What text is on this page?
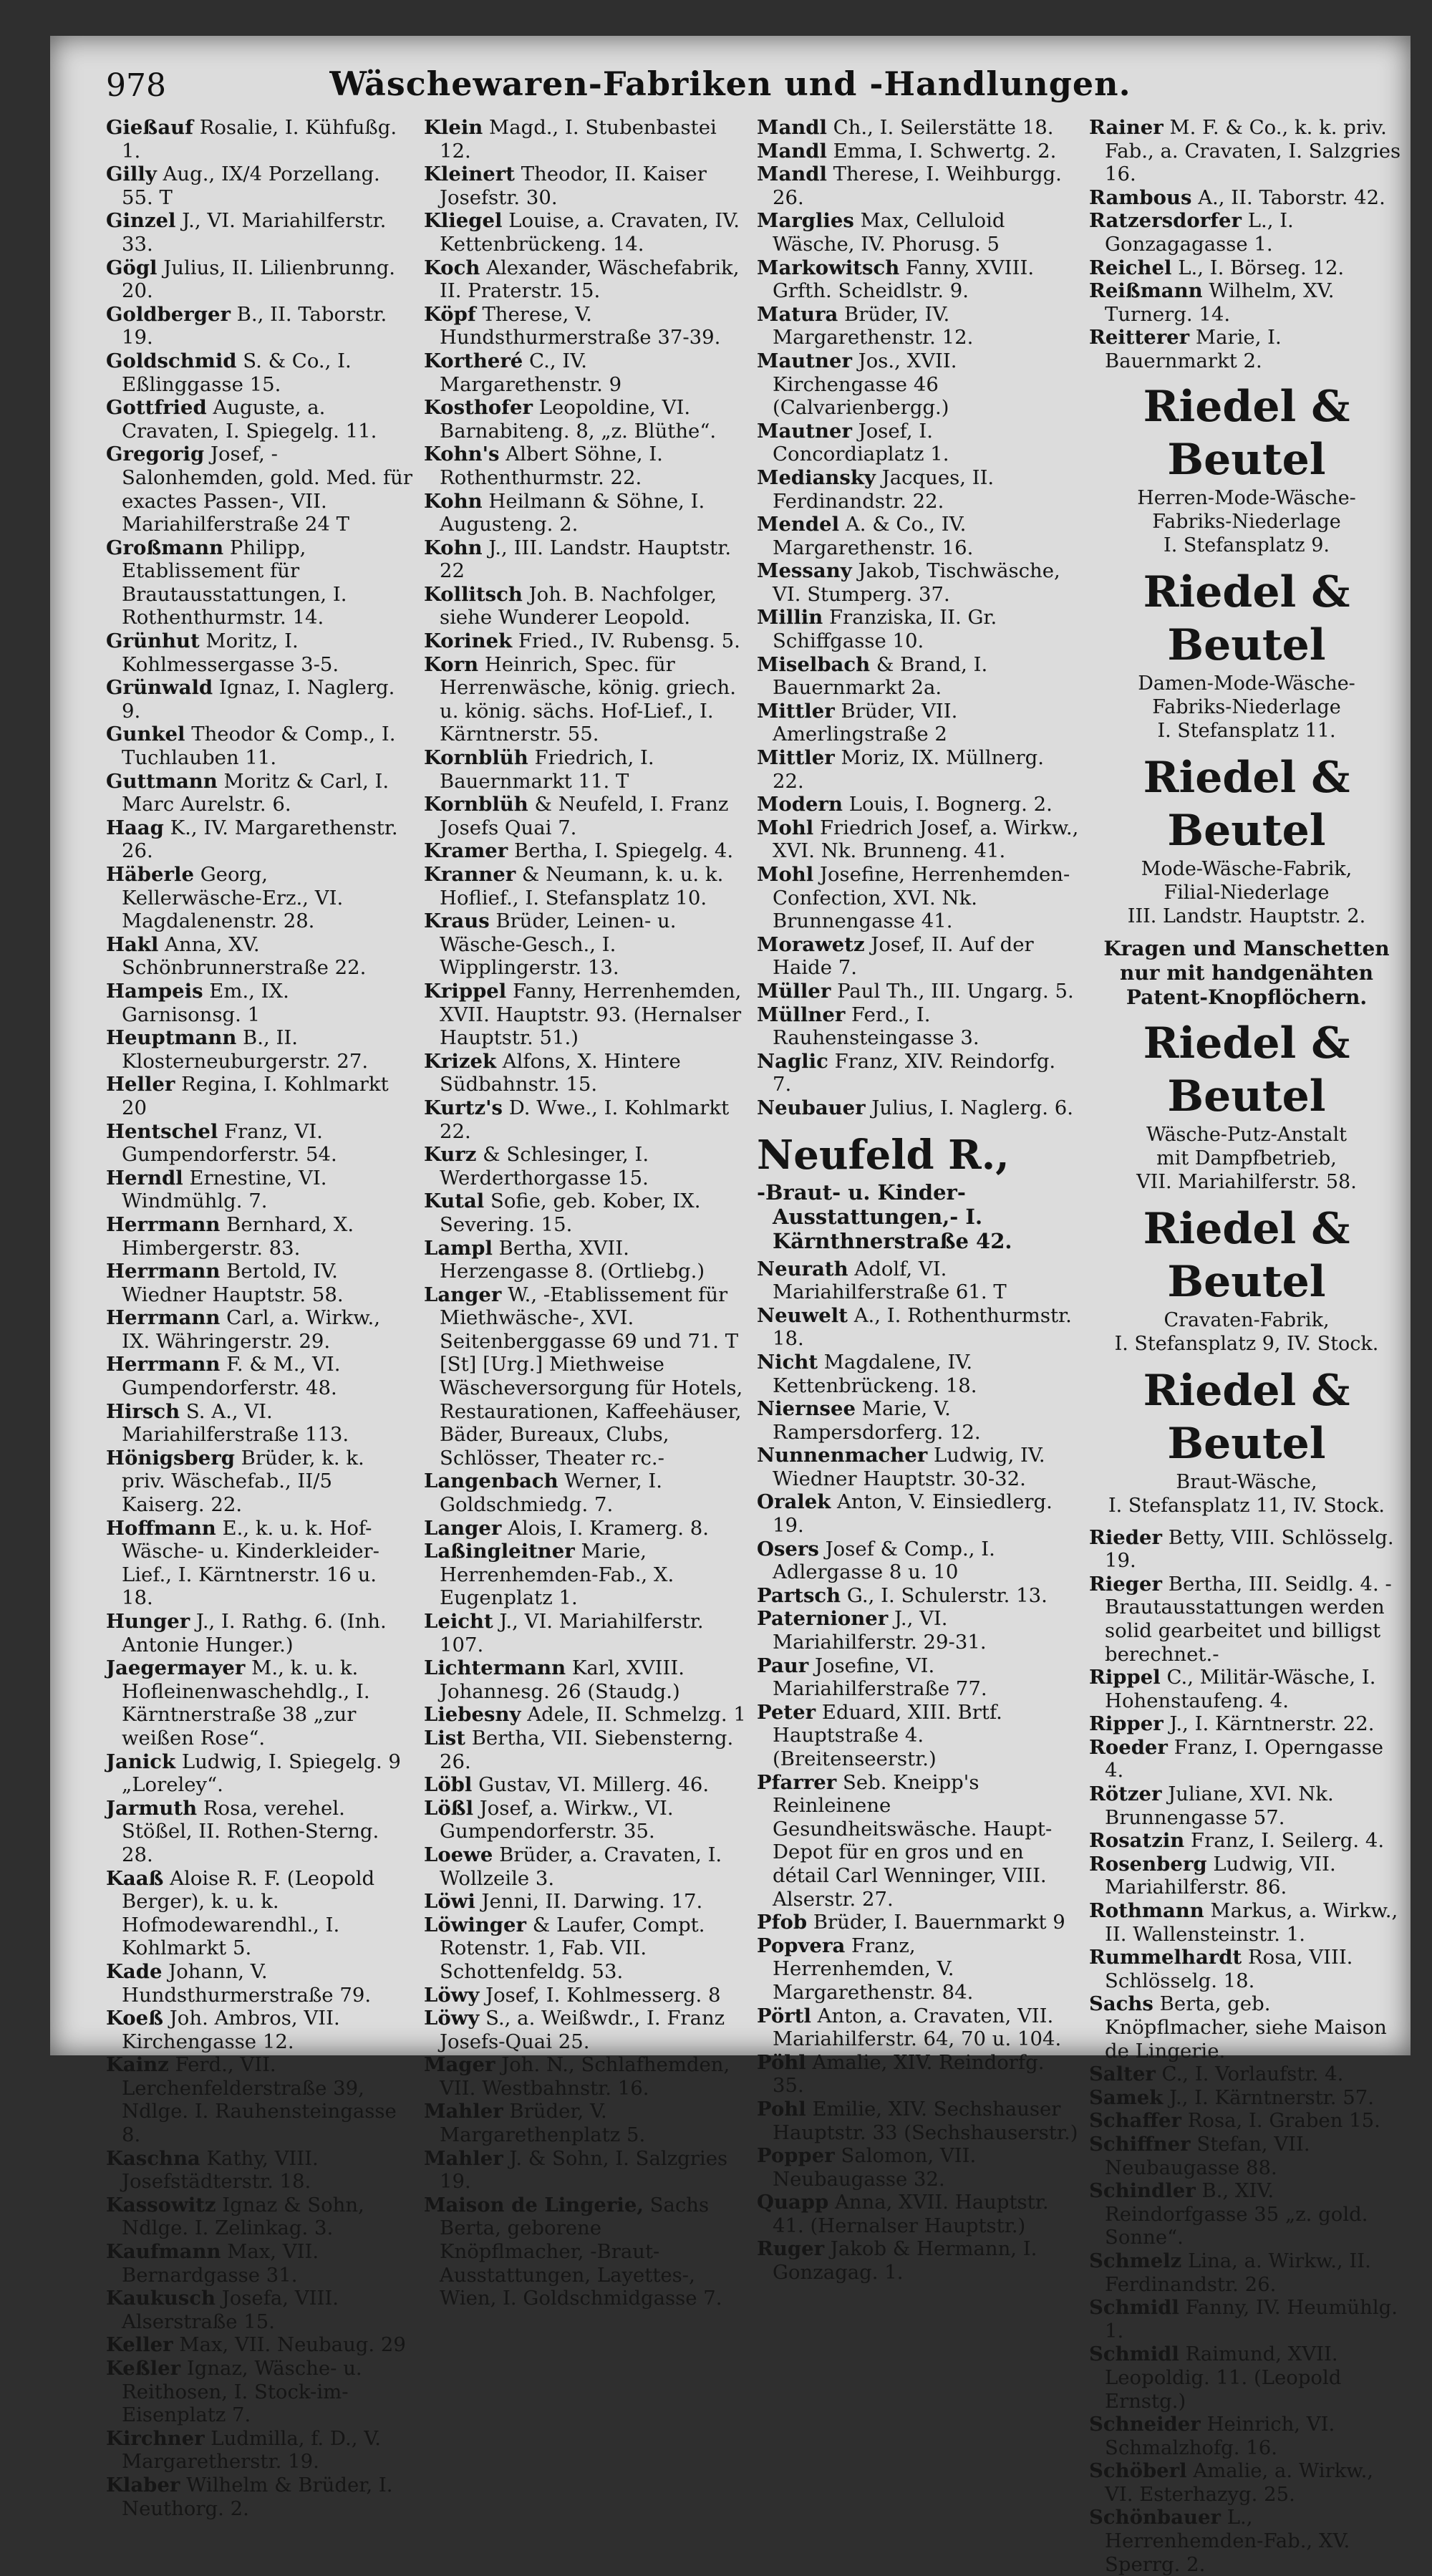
978	Wäschewaren-Fabriken und -Handlungen.
Gießauf Rosalie, I. Kühfußg. 1.
Gilly Aug., IX/4 Porzellang. 55. T
Ginzel J., VI. Mariahilferstr. 33.
Gögl Julius, II. Lilienbrunng. 20.
Goldberger B., II. Taborstr. 19.
Goldschmid S. & Co., I. Eßlinggasse 15.
Gottfried Auguste, a. Cravaten, I. Spiegelg. 11.
Gregorig Josef, -Salonhemden, gold. Med. für exactes Passen-, VII. Mariahilferstraße 24 T
Großmann Philipp, Etablissement für Brautausstattungen, I. Rothenthurmstr. 14.
Grünhut Moritz, I. Kohlmessergasse 3-5.
Grünwald Ignaz, I. Naglerg. 9.
Gunkel Theodor & Comp., I. Tuchlauben 11.
Guttmann Moritz & Carl, I. Marc Aurelstr. 6.
Haag K., IV. Margarethenstr. 26.
Häberle Georg, Kellerwäsche-Erz., VI. Magdalenenstr. 28.
Hakl Anna, XV. Schönbrunnerstraße 22.
Hampeis Em., IX. Garnisonsg. 1
Heuptmann B., II. Klosterneuburgerstr. 27.
Heller Regina, I. Kohlmarkt 20
Hentschel Franz, VI. Gumpendorferstr. 54.
Herndl Ernestine, VI. Windmühlg. 7.
Herrmann Bernhard, X. Himbergerstr. 83.
Herrmann Bertold, IV. Wiedner Hauptstr. 58.
Herrmann Carl, a. Wirkw., IX. Währingerstr. 29.
Herrmann F. & M., VI. Gumpendorferstr. 48.
Hirsch S. A., VI. Mariahilferstraße 113.
Hönigsberg Brüder, k. k. priv. Wäschefab., II/5 Kaiserg. 22.
Hoffmann E., k. u. k. Hof-Wäsche- u. Kinderkleider-Lief., I. Kärntnerstr. 16 u. 18.
Hunger J., I. Rathg. 6. (Inh. Antonie Hunger.)
Jaegermayer M., k. u. k. Hofleinenwaschehdlg., I. Kärntnerstraße 38 „zur weißen Rose“.
Janick Ludwig, I. Spiegelg. 9 „Loreley“.
Jarmuth Rosa, verehel. Stößel, II. Rothen-Sterng. 28.
Kaaß Aloise R. F. (Leopold Berger), k. u. k. Hofmodewarendhl., I. Kohlmarkt 5.
Kade Johann, V. Hundsthurmerstraße 79.
Koeß Joh. Ambros, VII. Kirchengasse 12.
Kainz Ferd., VII. Lerchenfelderstraße 39, Ndlge. I. Rauhensteingasse 8.
Kaschna Kathy, VIII. Josefstädterstr. 18.
Kassowitz Ignaz & Sohn, Ndlge. I. Zelinkag. 3.
Kaufmann Max, VII. Bernardgasse 31.
Kaukusch Josefa, VIII. Alserstraße 15.
Keller Max, VII. Neubaug. 29
Keßler Ignaz, Wäsche- u. Reithosen, I. Stock-im-Eisenplatz 7.
Kirchner Ludmilla, f. D., V. Margaretherstr. 19.
Klaber Wilhelm & Brüder, I. Neuthorg. 2.
Klein Magd., I. Stubenbastei 12.
Kleinert Theodor, II. Kaiser Josefstr. 30.
Kliegel Louise, a. Cravaten, IV. Kettenbrückeng. 14.
Koch Alexander, Wäschefabrik, II. Praterstr. 15.
Köpf Therese, V. Hundsthurmerstraße 37-39.
Kortheré C., IV. Margarethenstr. 9
Kosthofer Leopoldine, VI. Barnabiteng. 8, „z. Blüthe“.
Kohn's Albert Söhne, I. Rothenthurmstr. 22.
Kohn Heilmann & Söhne, I. Augusteng. 2.
Kohn J., III. Landstr. Hauptstr. 22
Kollitsch Joh. B. Nachfolger, siehe Wunderer Leopold.
Korinek Fried., IV. Rubensg. 5.
Korn Heinrich, Spec. für Herrenwäsche, könig. griech. u. könig. sächs. Hof-Lief., I. Kärntnerstr. 55.
Kornblüh Friedrich, I. Bauernmarkt 11. T
Kornblüh & Neufeld, I. Franz Josefs Quai 7.
Kramer Bertha, I. Spiegelg. 4.
Kranner & Neumann, k. u. k. Hoflief., I. Stefansplatz 10.
Kraus Brüder, Leinen- u. Wäsche-Gesch., I. Wipplingerstr. 13.
Krippel Fanny, Herrenhemden, XVII. Hauptstr. 93. (Hernalser Hauptstr. 51.)
Krizek Alfons, X. Hintere Südbahnstr. 15.
Kurtz's D. Wwe., I. Kohlmarkt 22.
Kurz & Schlesinger, I. Werderthorgasse 15.
Kutal Sofie, geb. Kober, IX. Severing. 15.
Lampl Bertha, XVII. Herzengasse 8. (Ortliebg.)
Langer W., -Etablissement für Miethwäsche-, XVI. Seitenberggasse 69 und 71. T [St] [Urg.] Miethweise Wäscheversorgung für Hotels, Restaurationen, Kaffeehäuser, Bäder, Bureaux, Clubs, Schlösser, Theater rc.-
Langenbach Werner, I. Goldschmiedg. 7.
Langer Alois, I. Kramerg. 8.
Laßingleitner Marie, Herrenhemden-Fab., X. Eugenplatz 1.
Leicht J., VI. Mariahilferstr. 107.
Lichtermann Karl, XVIII. Johannesg. 26 (Staudg.)
Liebesny Adele, II. Schmelzg. 1
List Bertha, VII. Siebensterng. 26.
Löbl Gustav, VI. Millerg. 46.
Lößl Josef, a. Wirkw., VI. Gumpendorferstr. 35.
Loewe Brüder, a. Cravaten, I. Wollzeile 3.
Löwi Jenni, II. Darwing. 17.
Löwinger & Laufer, Compt. Rotenstr. 1, Fab. VII. Schottenfeldg. 53.
Löwy Josef, I. Kohlmesserg. 8
Löwy S., a. Weißwdr., I. Franz Josefs-Quai 25.
Mager Joh. N., Schlafhemden, VII. Westbahnstr. 16.
Mahler Brüder, V. Margarethenplatz 5.
Mahler J. & Sohn, I. Salzgries 19.
Maison de Lingerie, Sachs Berta, geborene Knöpflmacher, -Braut-Ausstattungen, Layettes-, Wien, I. Goldschmidgasse 7.
Mandl Ch., I. Seilerstätte 18.
Mandl Emma, I. Schwertg. 2.
Mandl Therese, I. Weihburgg. 26.
Marglies Max, Celluloid Wäsche, IV. Phorusg. 5
Markowitsch Fanny, XVIII. Grfth. Scheidlstr. 9.
Matura Brüder, IV. Margarethenstr. 12.
Mautner Jos., XVII. Kirchengasse 46 (Calvarienbergg.)
Mautner Josef, I. Concordiaplatz 1.
Mediansky Jacques, II. Ferdinandstr. 22.
Mendel A. & Co., IV. Margarethenstr. 16.
Messany Jakob, Tischwäsche, VI. Stumperg. 37.
Millin Franziska, II. Gr. Schiffgasse 10.
Miselbach & Brand, I. Bauernmarkt 2a.
Mittler Brüder, VII. Amerlingstraße 2
Mittler Moriz, IX. Müllnerg. 22.
Modern Louis, I. Bognerg. 2.
Mohl Friedrich Josef, a. Wirkw., XVI. Nk. Brunneng. 41.
Mohl Josefine, Herrenhemden-Confection, XVI. Nk. Brunnengasse 41.
Morawetz Josef, II. Auf der Haide 7.
Müller Paul Th., III. Ungarg. 5.
Müllner Ferd., I. Rauhensteingasse 3.
Naglic Franz, XIV. Reindorfg. 7.
Neubauer Julius, I. Naglerg. 6.
Neufeld R.,
-Braut- u. Kinder-Ausstattungen,- I. Kärnthnerstraße 42.
Neurath Adolf, VI. Mariahilferstraße 61. T
Neuwelt A., I. Rothenthurmstr. 18.
Nicht Magdalene, IV. Kettenbrückeng. 18.
Niernsee Marie, V. Rampersdorferg. 12.
Nunnenmacher Ludwig, IV. Wiedner Hauptstr. 30-32.
Oralek Anton, V. Einsiedlerg. 19.
Osers Josef & Comp., I. Adlergasse 8 u. 10
Partsch G., I. Schulerstr. 13.
Paternioner J., VI. Mariahilferstr. 29-31.
Paur Josefine, VI. Mariahilferstraße 77.
Peter Eduard, XIII. Brtf. Hauptstraße 4. (Breitenseerstr.)
Pfarrer Seb. Kneipp's Reinleinene Gesundheitswäsche. Haupt-Depot für en gros und en détail Carl Wenninger, VIII. Alserstr. 27.
Pfob Brüder, I. Bauernmarkt 9
Popvera Franz, Herrenhemden, V. Margarethenstr. 84.
Pörtl Anton, a. Cravaten, VII. Mariahilferstr. 64, 70 u. 104.
Pöhl Amalie, XIV. Reindorfg. 35.
Pohl Emilie, XIV. Sechshauser Hauptstr. 33 (Sechshauserstr.)
Popper Salomon, VII. Neubaugasse 32.
Quapp Anna, XVII. Hauptstr. 41. (Hernalser Hauptstr.)
Ruger Jakob & Hermann, I. Gonzagag. 1.
Rainer M. F. & Co., k. k. priv. Fab., a. Cravaten, I. Salzgries 16.
Rambous A., II. Taborstr. 42.
Ratzersdorfer L., I. Gonzagagasse 1.
Reichel L., I. Börseg. 12.
Reißmann Wilhelm, XV. Turnerg. 14.
Reitterer Marie, I. Bauernmarkt 2.
Riedel & Beutel
Herren-Mode-Wäsche-
Fabriks-Niederlage
I. Stefansplatz 9.
Riedel & Beutel
Damen-Mode-Wäsche-
Fabriks-Niederlage
I. Stefansplatz 11.
Riedel & Beutel
Mode-Wäsche-Fabrik,
Filial-Niederlage
III. Landstr. Hauptstr. 2.
Kragen und Manschetten nur mit handgenähten Patent-Knopflöchern.
Riedel & Beutel
Wäsche-Putz-Anstalt
mit Dampfbetrieb,
VII. Mariahilferstr. 58.
Riedel & Beutel
Cravaten-Fabrik,
I. Stefansplatz 9, IV. Stock.
Riedel & Beutel
Braut-Wäsche,
I. Stefansplatz 11, IV. Stock.
Rieder Betty, VIII. Schlösselg. 19.
Rieger Bertha, III. Seidlg. 4. -Brautausstattungen werden solid gearbeitet und billigst berechnet.-
Rippel C., Militär-Wäsche, I. Hohenstaufeng. 4.
Ripper J., I. Kärntnerstr. 22.
Roeder Franz, I. Operngasse 4.
Rötzer Juliane, XVI. Nk. Brunnengasse 57.
Rosatzin Franz, I. Seilerg. 4.
Rosenberg Ludwig, VII. Mariahilferstr. 86.
Rothmann Markus, a. Wirkw., II. Wallensteinstr. 1.
Rummelhardt Rosa, VIII. Schlösselg. 18.
Sachs Berta, geb. Knöpflmacher, siehe Maison de Lingerie.
Salter C., I. Vorlaufstr. 4.
Samek J., I. Kärntnerstr. 57.
Schaffer Rosa, I. Graben 15.
Schiffner Stefan, VII. Neubaugasse 88.
Schindler B., XIV. Reindorfgasse 35 „z. gold. Sonne“.
Schmelz Lina, a. Wirkw., II. Ferdinandstr. 26.
Schmidl Fanny, IV. Heumühlg. 1.
Schmidl Raimund, XVII. Leopoldig. 11. (Leopold Ernstg.)
Schneider Heinrich, VI. Schmalzhofg. 16.
Schöberl Amalie, a. Wirkw., VI. Esterhazyg. 25.
Schönbauer L., Herrenhemden-Fab., XV. Sperrg. 2.
